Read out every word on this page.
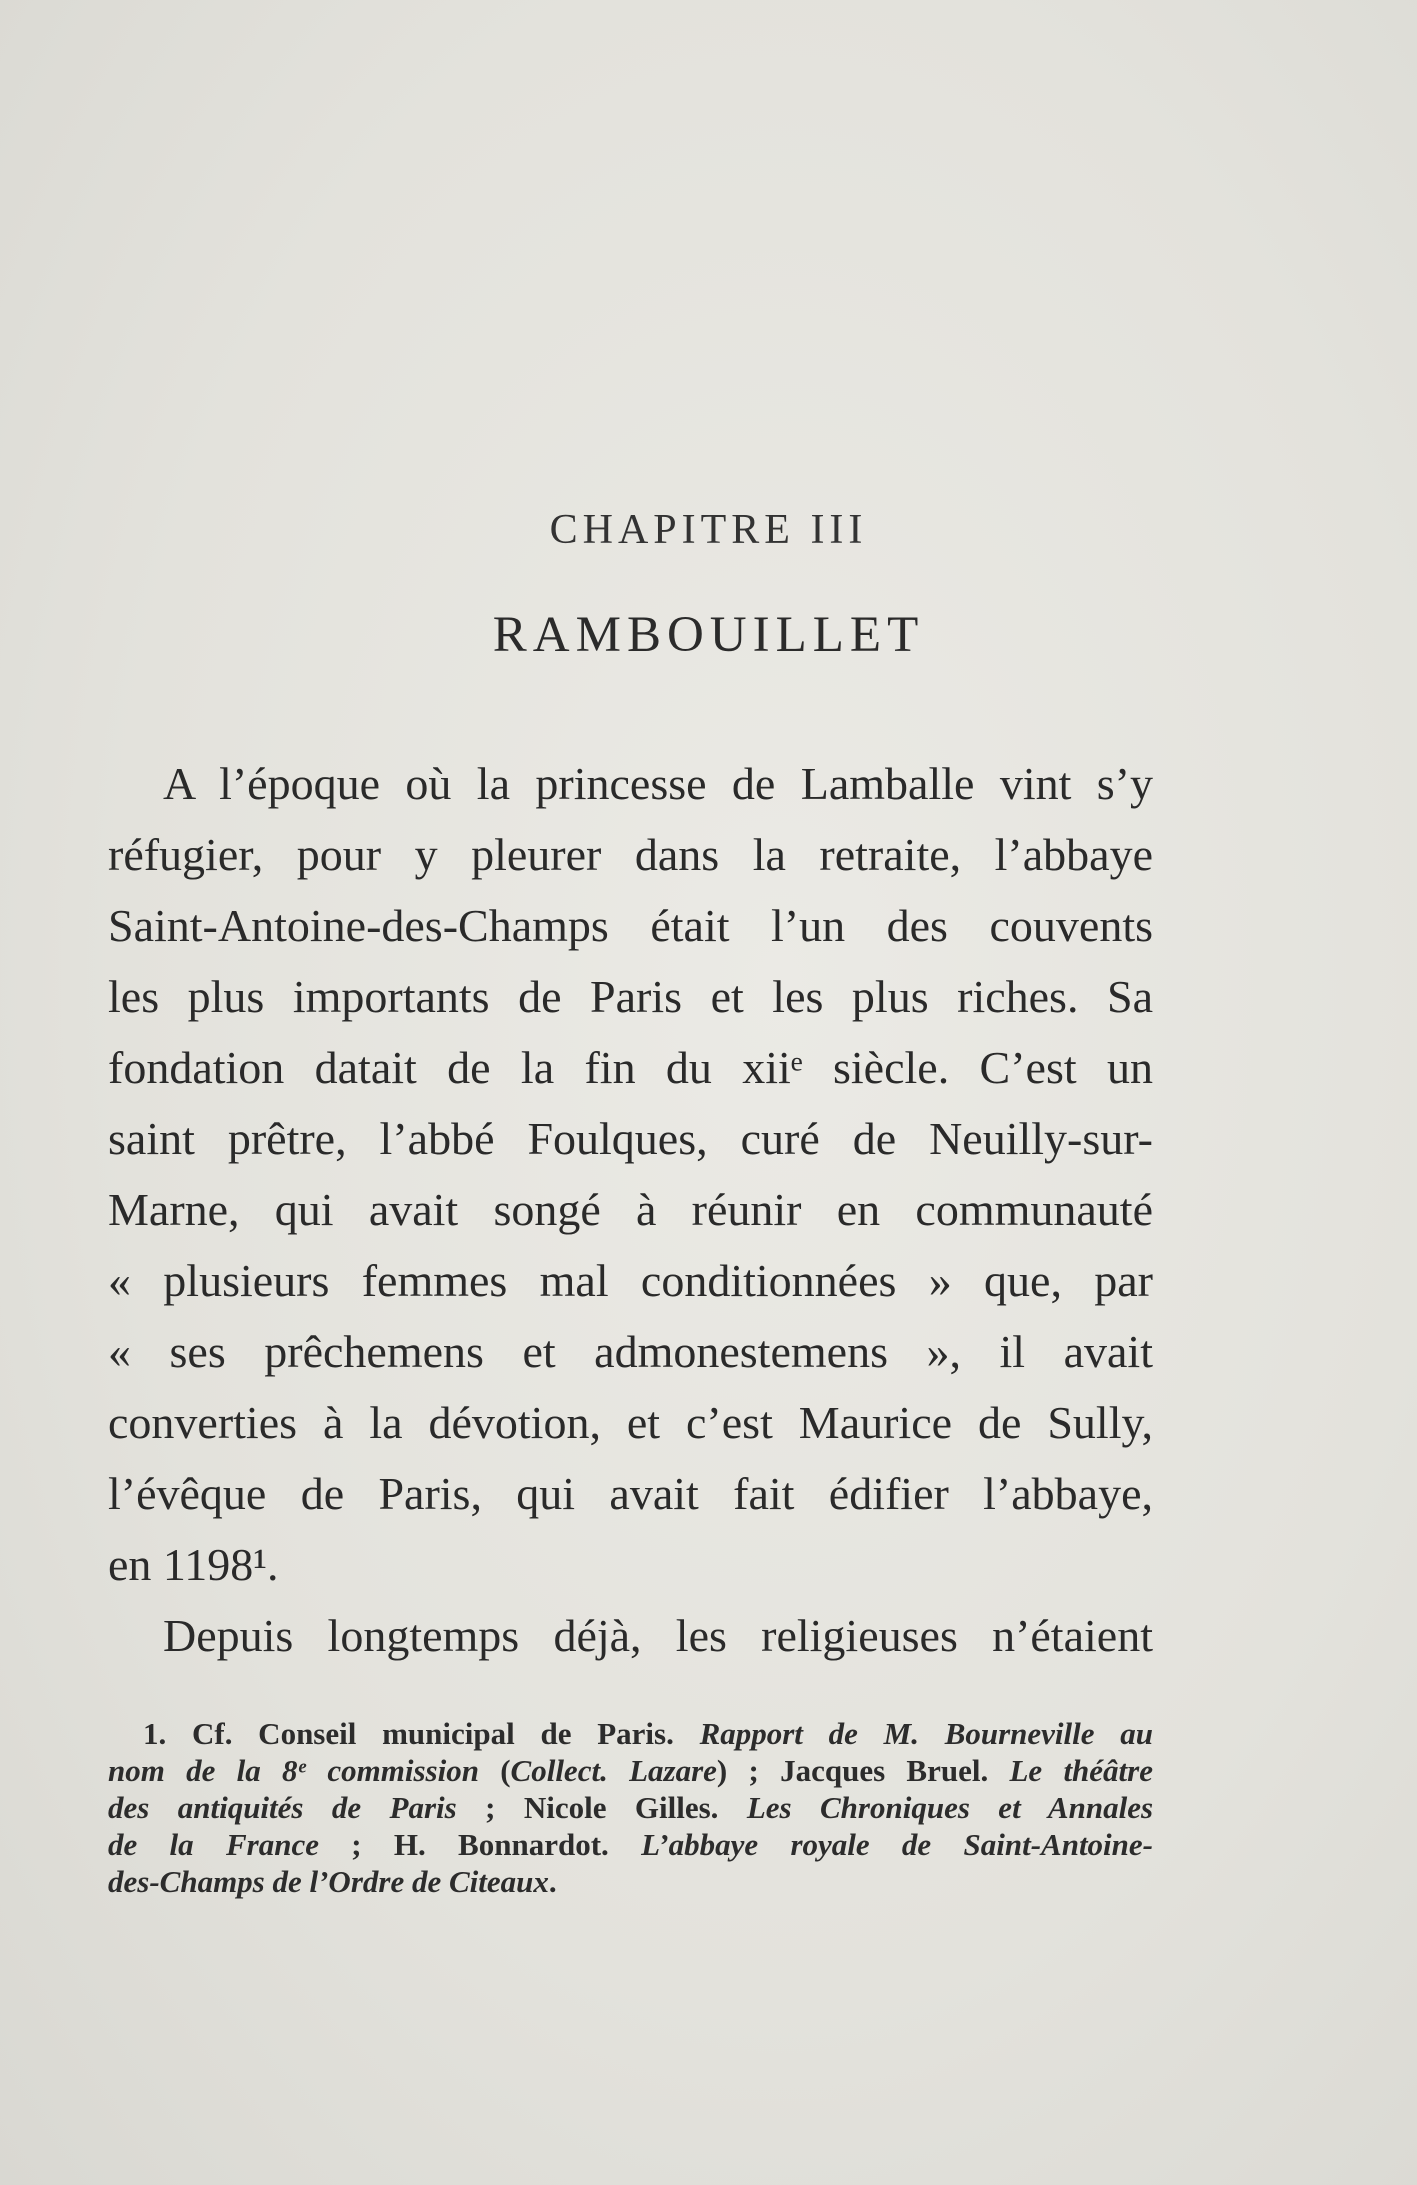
CHAPITRE III
RAMBOUILLET
A l’époque où la princesse de Lamballe vint s’y
réfugier, pour y pleurer dans la retraite, l’abbaye
Saint-Antoine-des-Champs était l’un des couvents
les plus importants de Paris et les plus riches. Sa
fondation datait de la fin du xiiᵉ siècle. C’est un
saint prêtre, l’abbé Foulques, curé de Neuilly-sur-
Marne, qui avait songé à réunir en communauté
« plusieurs femmes mal conditionnées » que, par
« ses prêchemens et admonestemens », il avait
converties à la dévotion, et c’est Maurice de Sully,
l’évêque de Paris, qui avait fait édifier l’abbaye,
en 1198¹.
Depuis longtemps déjà, les religieuses n’étaient
1. Cf. Conseil municipal de Paris. Rapport de M. Bourneville au
nom de la 8ᵉ commission (Collect. Lazare) ; Jacques Bruel. Le théâtre
des antiquités de Paris ; Nicole Gilles. Les Chroniques et Annales
de la France ; H. Bonnardot. L’abbaye royale de Saint-Antoine-
des-Champs de l’Ordre de Citeaux.
